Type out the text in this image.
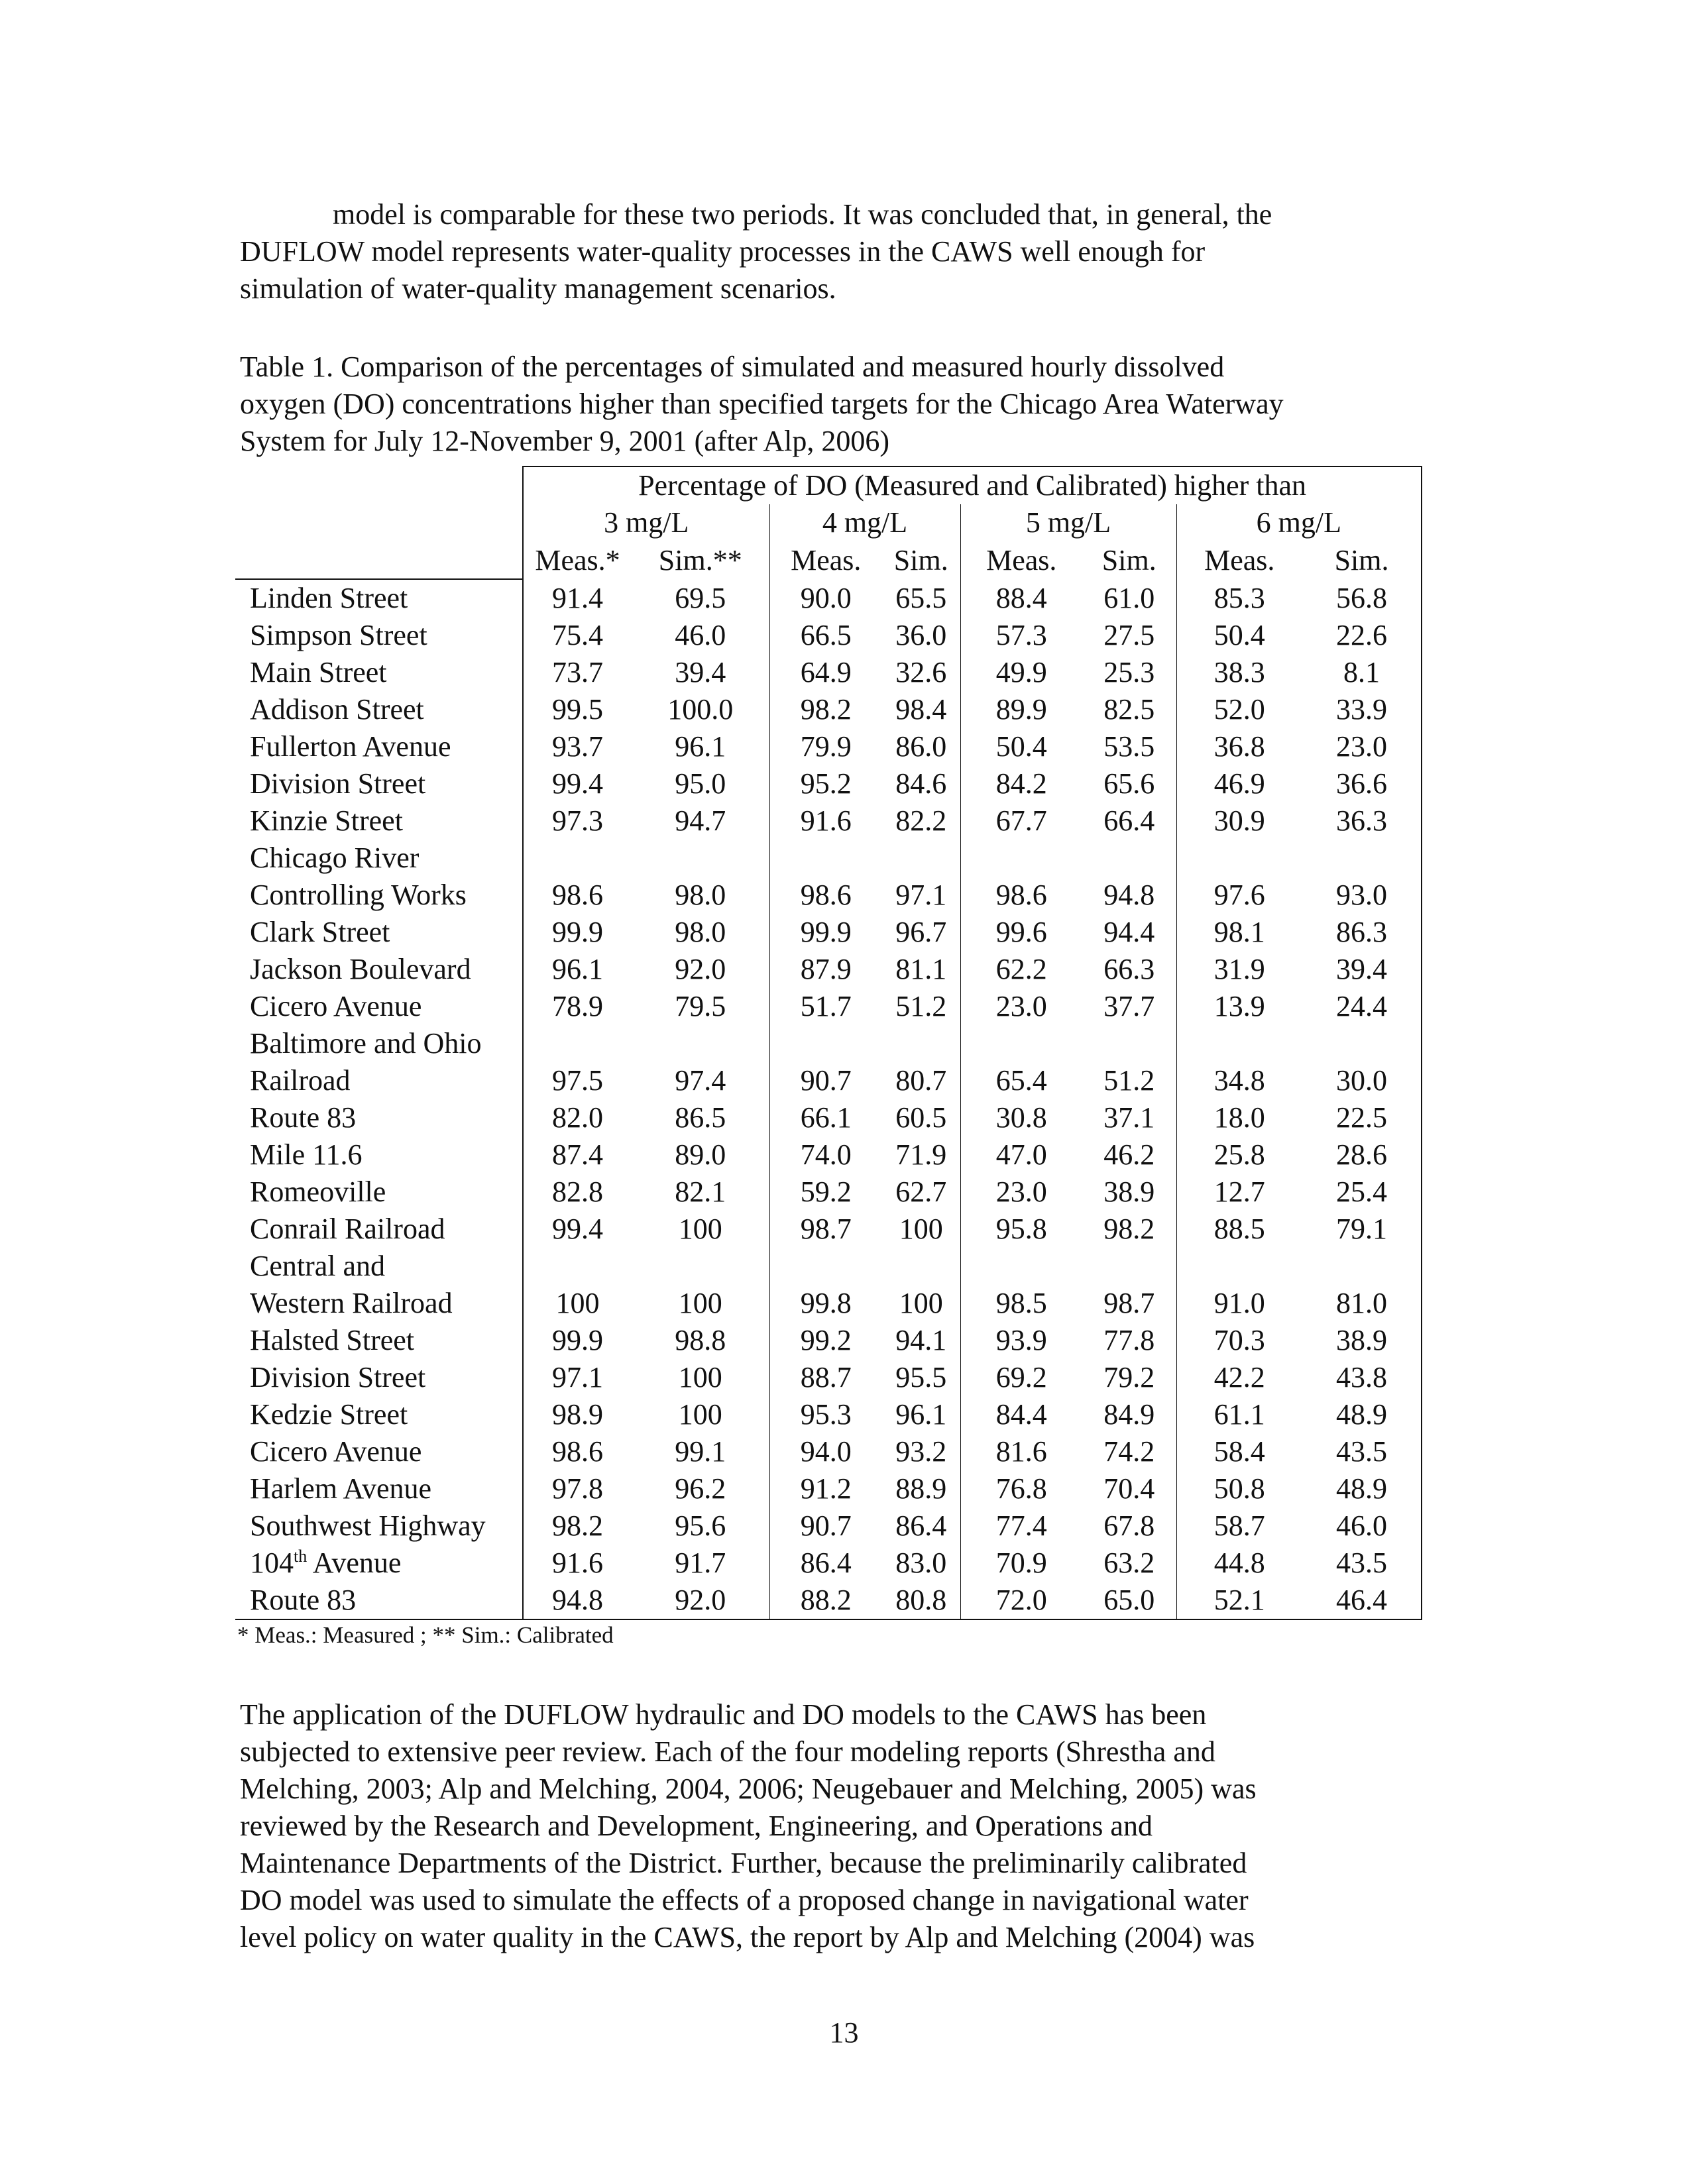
model is comparable for these two periods. It was concluded that, in general, the
DUFLOW model represents water-quality processes in the CAWS well enough for
simulation of water-quality management scenarios.

Table 1. Comparison of the percentages of simulated and measured hourly dissolved
oxygen (DO) concentrations higher than specified targets for the Chicago Area Waterway
System for July 12-November 9, 2001 (after Alp, 2006)

	Percentage of DO (Measured and Calibrated) higher than							
	3 mg/L		4 mg/L		5 mg/L		6 mg/L	
	Meas.*	Sim.**	Meas.	Sim.	Meas.	Sim.	Meas.	Sim.
Linden Street	91.4	69.5	90.0	65.5	88.4	61.0	85.3	56.8
Simpson Street	75.4	46.0	66.5	36.0	57.3	27.5	50.4	22.6
Main Street	73.7	39.4	64.9	32.6	49.9	25.3	38.3	8.1
Addison Street	99.5	100.0	98.2	98.4	89.9	82.5	52.0	33.9
Fullerton Avenue	93.7	96.1	79.9	86.0	50.4	53.5	36.8	23.0
Division Street	99.4	95.0	95.2	84.6	84.2	65.6	46.9	36.6
Kinzie Street	97.3	94.7	91.6	82.2	67.7	66.4	30.9	36.3
Chicago River								
Controlling Works	98.6	98.0	98.6	97.1	98.6	94.8	97.6	93.0
Clark Street	99.9	98.0	99.9	96.7	99.6	94.4	98.1	86.3
Jackson Boulevard	96.1	92.0	87.9	81.1	62.2	66.3	31.9	39.4
Cicero Avenue	78.9	79.5	51.7	51.2	23.0	37.7	13.9	24.4
Baltimore and Ohio								
Railroad	97.5	97.4	90.7	80.7	65.4	51.2	34.8	30.0
Route 83	82.0	86.5	66.1	60.5	30.8	37.1	18.0	22.5
Mile 11.6	87.4	89.0	74.0	71.9	47.0	46.2	25.8	28.6
Romeoville	82.8	82.1	59.2	62.7	23.0	38.9	12.7	25.4
Conrail Railroad	99.4	100	98.7	100	95.8	98.2	88.5	79.1
Central and								
Western Railroad	100	100	99.8	100	98.5	98.7	91.0	81.0
Halsted Street	99.9	98.8	99.2	94.1	93.9	77.8	70.3	38.9
Division Street	97.1	100	88.7	95.5	69.2	79.2	42.2	43.8
Kedzie Street	98.9	100	95.3	96.1	84.4	84.9	61.1	48.9
Cicero Avenue	98.6	99.1	94.0	93.2	81.6	74.2	58.4	43.5
Harlem Avenue	97.8	96.2	91.2	88.9	76.8	70.4	50.8	48.9
Southwest Highway	98.2	95.6	90.7	86.4	77.4	67.8	58.7	46.0
104th Avenue	91.6	91.7	86.4	83.0	70.9	63.2	44.8	43.5
Route 83	94.8	92.0	88.2	80.8	72.0	65.0	52.1	46.4

* Meas.: Measured ; ** Sim.: Calibrated

The application of the DUFLOW hydraulic and DO models to the CAWS has been
subjected to extensive peer review. Each of the four modeling reports (Shrestha and
Melching, 2003; Alp and Melching, 2004, 2006; Neugebauer and Melching, 2005) was
reviewed by the Research and Development, Engineering, and Operations and
Maintenance Departments of the District. Further, because the preliminarily calibrated
DO model was used to simulate the effects of a proposed change in navigational water
level policy on water quality in the CAWS, the report by Alp and Melching (2004) was

13
